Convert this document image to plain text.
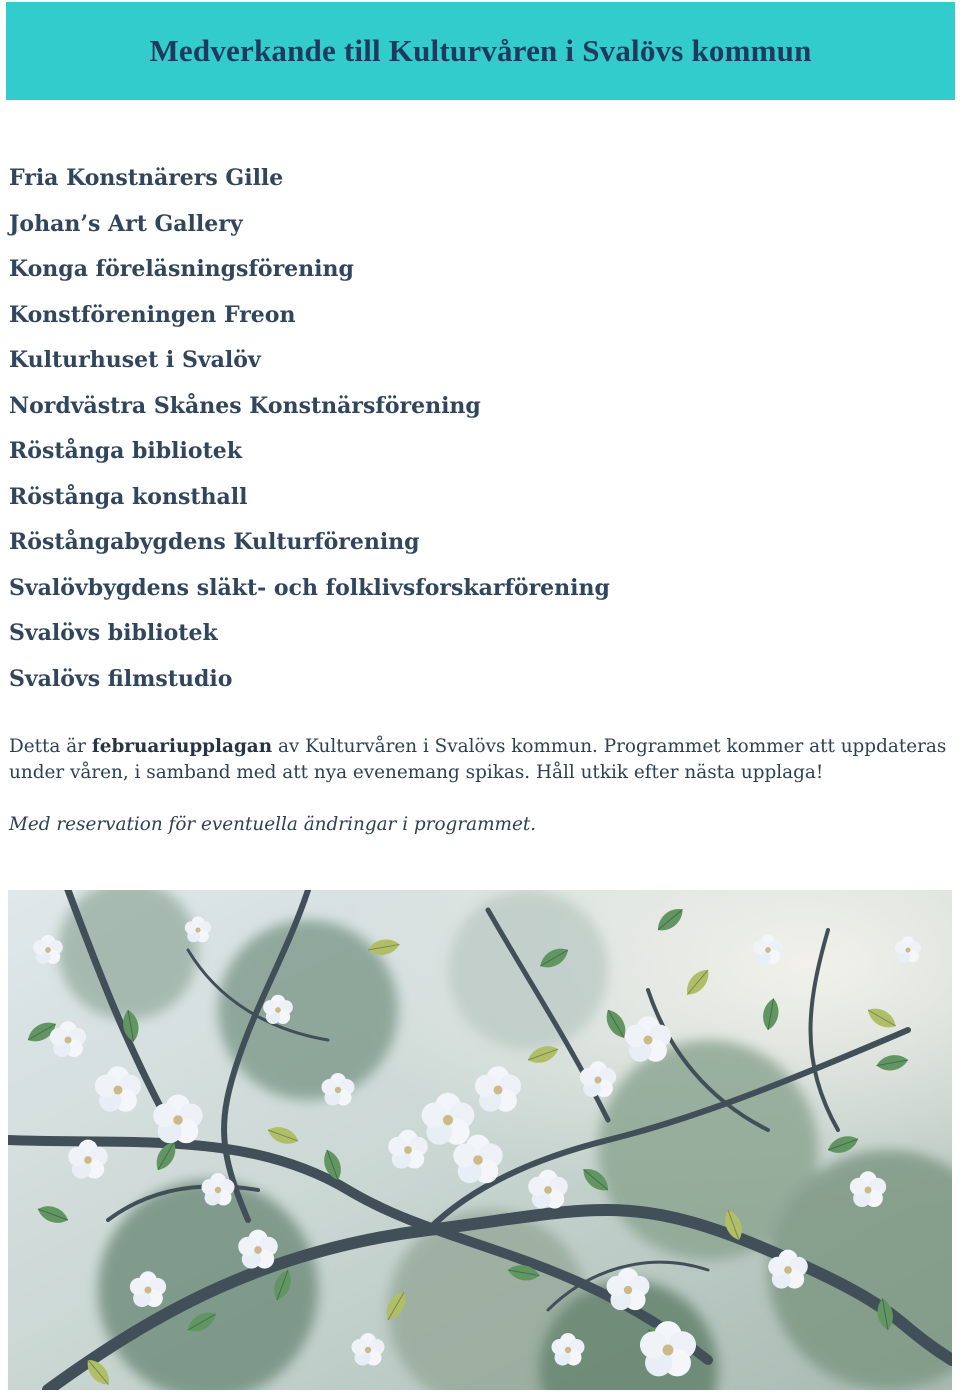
Medverkande till Kulturvåren i Svalövs kommun
Fria Konstnärers Gille
Johan’s Art Gallery
Konga föreläsningsförening
Konstföreningen Freon
Kulturhuset i Svalöv
Nordvästra Skånes Konstnärsförening
Röstånga bibliotek
Röstånga konsthall
Röstångabygdens Kulturförening
Svalövbygdens släkt- och folklivsforskarförening
Svalövs bibliotek
Svalövs filmstudio

Detta är februariupplagan av Kulturvåren i Svalövs kommun. Programmet kommer att uppdateras under våren, i samband med att nya evenemang spikas. Håll utkik efter nästa upplaga!

Med reservation för eventuella ändringar i programmet.
